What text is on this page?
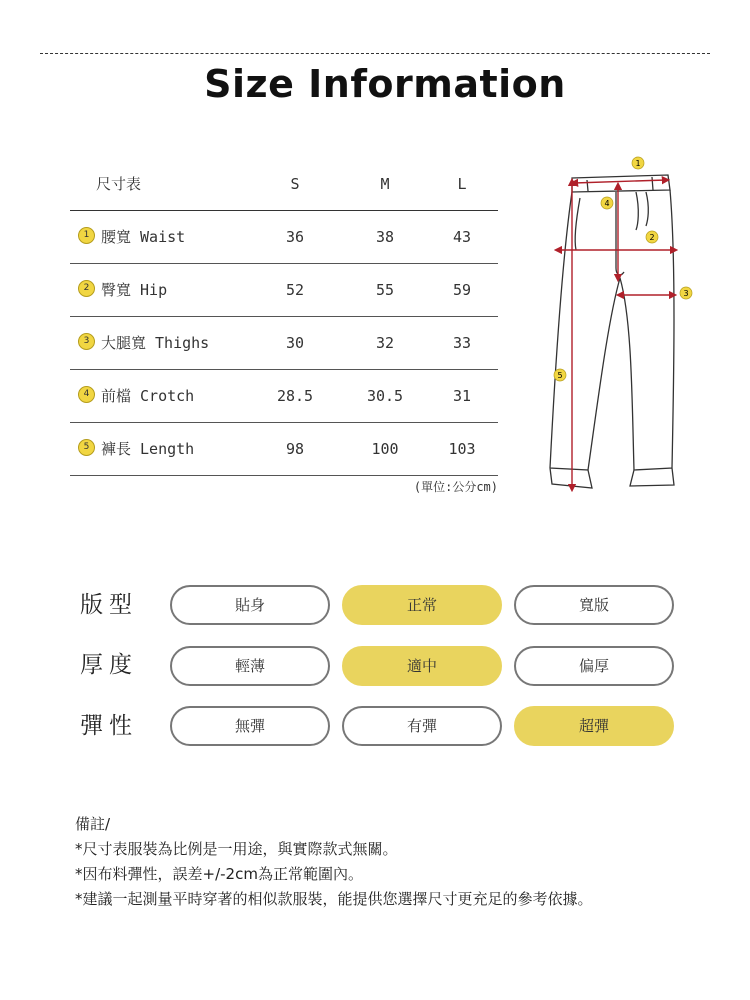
Size Information
尺寸表	S	M	L
1 腰寬 Waist	36	38	43
2 臀寬 Hip	52	55	59
3 大腿寬 Thighs	30	32	33
4 前檔 Crotch	28.5	30.5	31
5 褲長 Length	98	100	103
(單位:公分cm)
1
2
3
4
5
版型	貼身	正常	寬版
厚度	輕薄	適中	偏厚
彈性	無彈	有彈	超彈
備註/
*尺寸表服裝為比例是一用途，與實際款式無關。
*因布料彈性，誤差+/-2cm為正常範圍內。
*建議一起測量平時穿著的相似款服裝，能提供您選擇尺寸更充足的參考依據。
